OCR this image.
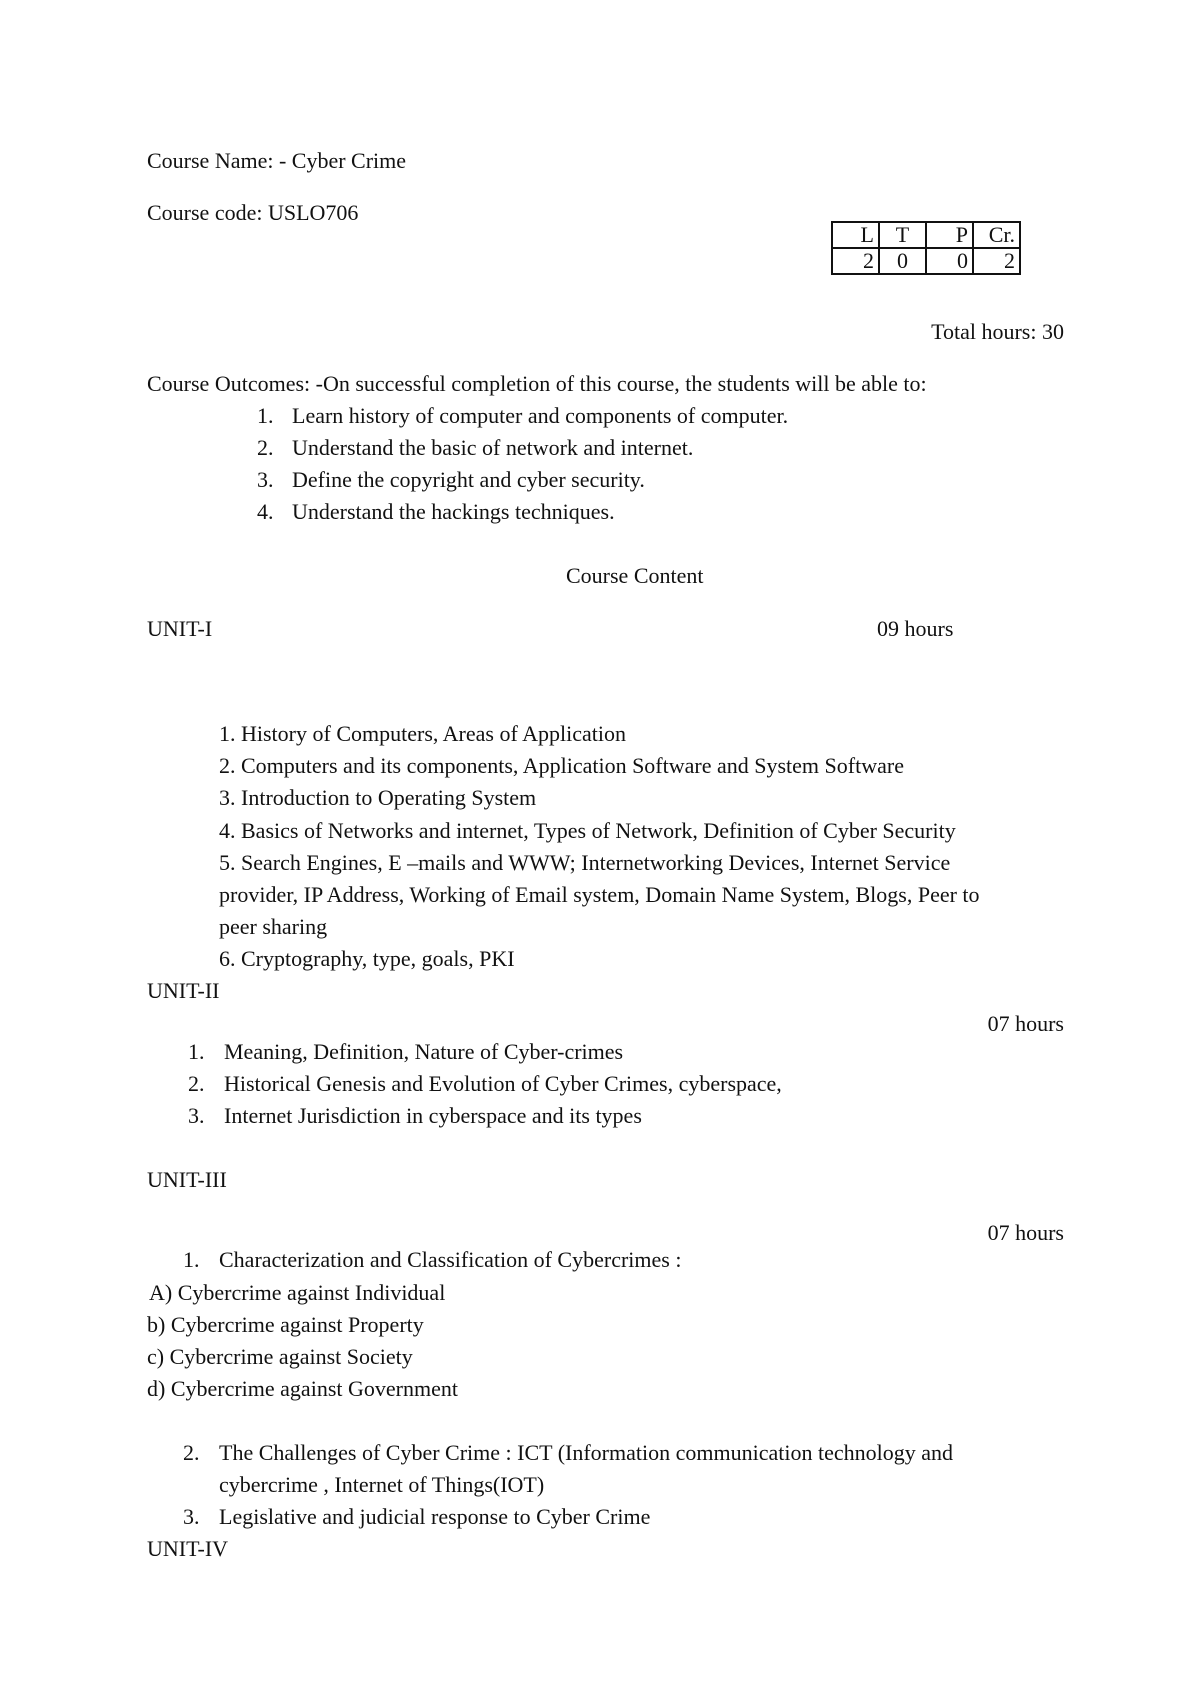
Course Name: - Cyber Crime
Course code: USLO706
L	T	P	Cr.
2	0	0	2
Total hours: 30
Course Outcomes: -On successful completion of this course, the students will be able to:
1. Learn history of computer and components of computer.
2. Understand the basic of network and internet.
3. Define the copyright and cyber security.
4. Understand the hackings techniques.
Course Content
UNIT-I	09 hours
1. History of Computers, Areas of Application
2. Computers and its components, Application Software and System Software
3. Introduction to Operating System
4. Basics of Networks and internet, Types of Network, Definition of Cyber Security
5. Search Engines, E –mails and WWW; Internetworking Devices, Internet Service
provider, IP Address, Working of Email system, Domain Name System, Blogs, Peer to
peer sharing
6. Cryptography, type, goals, PKI
UNIT-II
07 hours
1. Meaning, Definition, Nature of Cyber-crimes
2. Historical Genesis and Evolution of Cyber Crimes, cyberspace,
3. Internet Jurisdiction in cyberspace and its types
UNIT-III
07 hours
1. Characterization and Classification of Cybercrimes :
A) Cybercrime against Individual
b) Cybercrime against Property
c) Cybercrime against Society
d) Cybercrime against Government
2. The Challenges of Cyber Crime : ICT (Information communication technology and
cybercrime , Internet of Things(IOT)
3. Legislative and judicial response to Cyber Crime
UNIT-IV
